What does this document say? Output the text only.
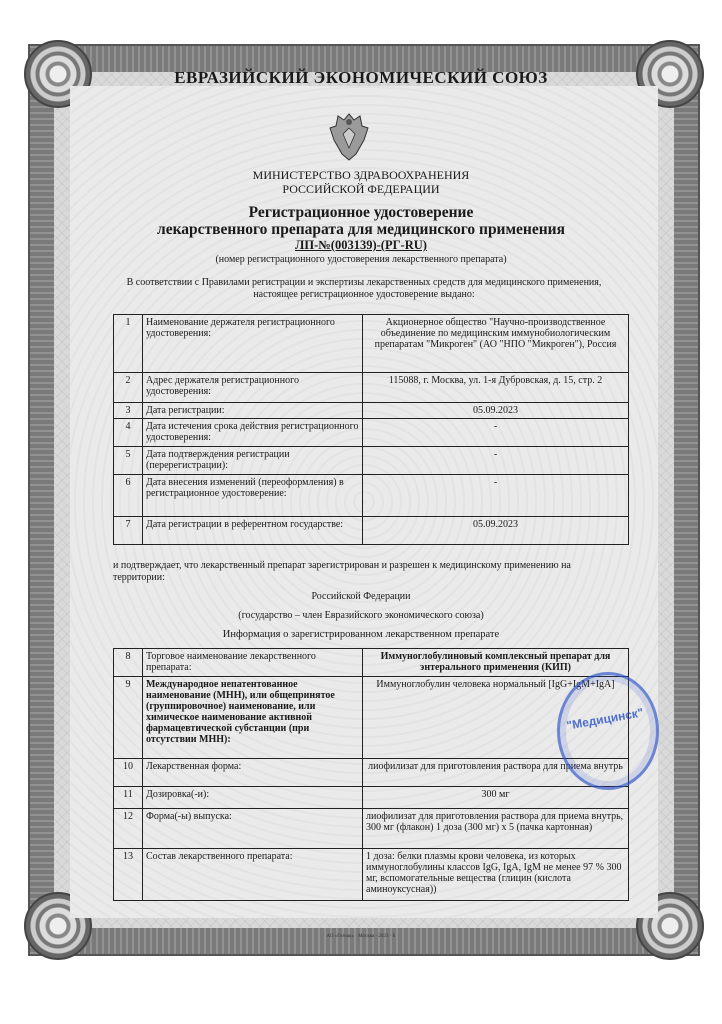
ЕВРАЗИЙСКИЙ ЭКОНОМИЧЕСКИЙ СОЮЗ
МИНИСТЕРСТВО ЗДРАВООХРАНЕНИЯ
РОССИЙСКОЙ ФЕДЕРАЦИИ
Регистрационное удостоверение
лекарственного препарата для медицинского применения
ЛП-№(003139)-(РГ-RU)
(номер регистрационного удостоверения лекарственного препарата)
В соответствии с Правилами регистрации и экспертизы лекарственных средств для медицинского применения, настоящее регистрационное удостоверение выдано:
1	Наименование держателя регистрационного удостоверения:	Акционерное общество "Научно-производственное объединение по медицинским иммунобиологическим препаратам "Микроген" (АО "НПО "Микроген"), Россия
2	Адрес держателя регистрационного удостоверения:	115088, г. Москва, ул. 1-я Дубровская, д. 15, стр. 2
3	Дата регистрации:	05.09.2023
4	Дата истечения срока действия регистрационного удостоверения:	-
5	Дата подтверждения регистрации (перерегистрации):	-
6	Дата внесения изменений (переоформления) в регистрационное удостоверение:	-
7	Дата регистрации в референтном государстве:	05.09.2023
и подтверждает, что лекарственный препарат зарегистрирован и разрешен к медицинскому применению на территории:
Российской Федерации
(государство – член Евразийского экономического союза)
Информация о зарегистрированном лекарственном препарате
8	Торговое наименование лекарственного препарата:	Иммуноглобулиновый комплексный препарат для энтерального применения (КИП)
9	Международное непатентованное наименование (МНН), или общепринятое (группировочное) наименование, или химическое наименование активной фармацевтической субстанции (при отсутствии МНН):	Иммуноглобулин человека нормальный [IgG+IgM+IgA]
10	Лекарственная форма:	лиофилизат для приготовления раствора для приема внутрь
11	Дозировка(-и):	300 мг
12	Форма(-ы) выпуска:	лиофилизат для приготовления раствора для приема внутрь, 300 мг (флакон) 1 доза (300 мг) x 5 (пачка картонная)
13	Состав лекарственного препарата:	1 доза: белки плазмы крови человека, из которых иммуноглобулины классов IgG, IgA, IgM не менее 97 % 300 мг, вспомогательные вещества (глицин (кислота аминоуксусная))
"Медицинск"
АО «Гознак» · Москва · 2023 · Б
